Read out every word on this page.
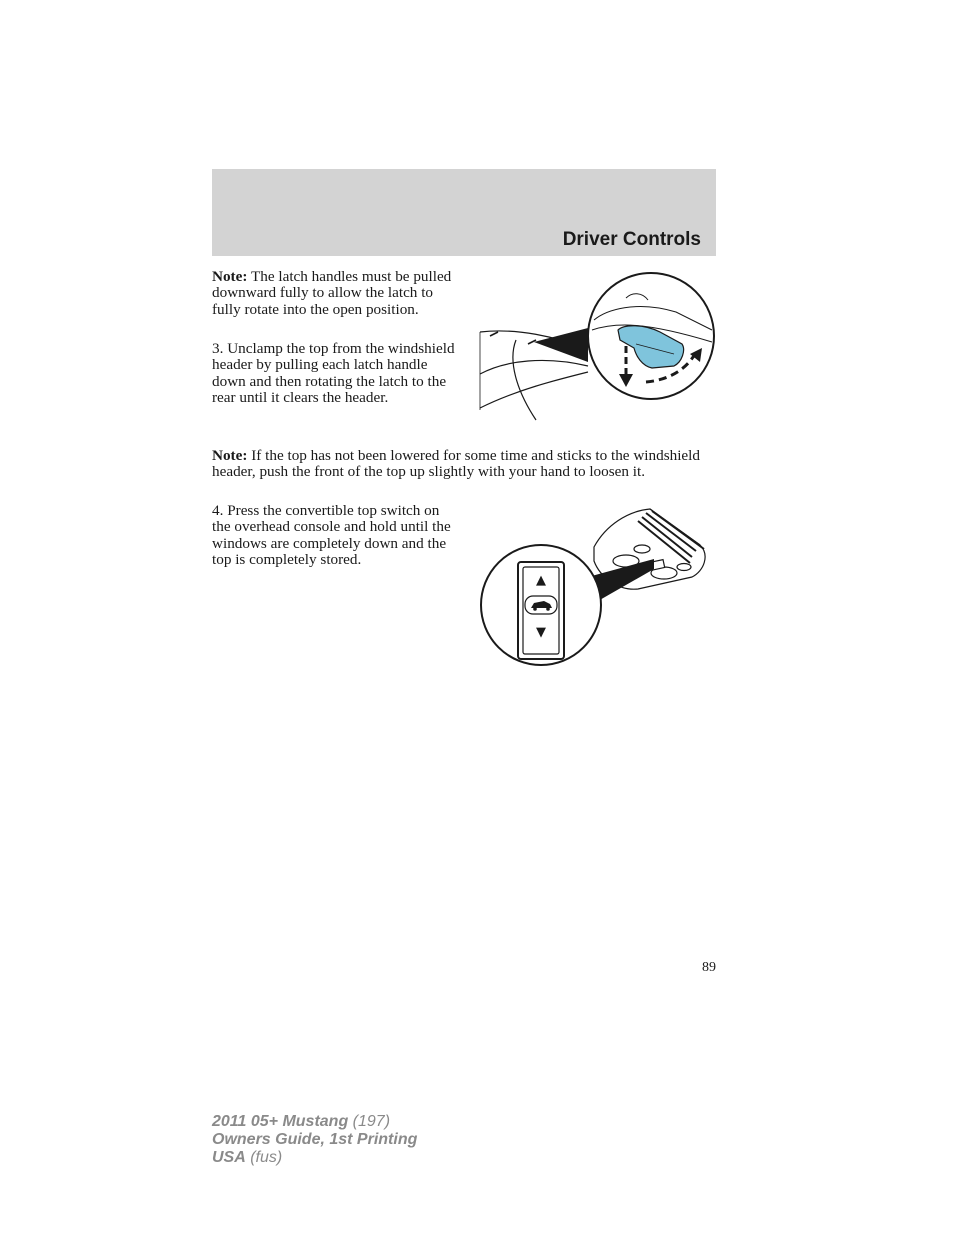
Driver Controls

Note: The latch handles must be pulled downward fully to allow the latch to fully rotate into the open position.

3. Unclamp the top from the windshield header by pulling each latch handle down and then rotating the latch to the rear until it clears the header.

Note: If the top has not been lowered for some time and sticks to the windshield header, push the front of the top up slightly with your hand to loosen it.

4. Press the convertible top switch on the overhead console and hold until the windows are completely down and the top is completely stored.

▲
▼
89
2011 05+ Mustang (197)
Owners Guide, 1st Printing
USA (fus)
